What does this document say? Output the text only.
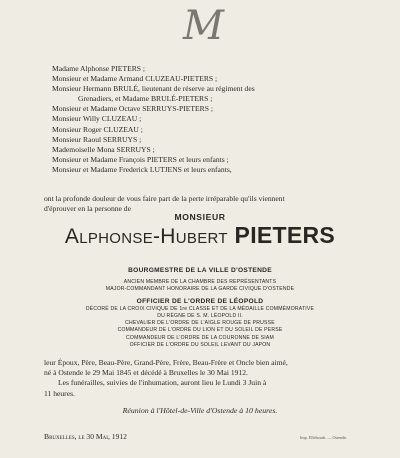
M
Madame Alphonse PIETERS ;
Monsieur et Madame Armand CLUZEAU-PIETERS ;
Monsieur Hermann BRULÉ, lieutenant de réserve au régiment des
Grenadiers, et Madame BRULÉ-PIETERS ;
Monsieur et Madame Octave SERRUYS-PIETERS ;
Monsieur Willy CLUZEAU ;
Monsieur Roger CLUZEAU ;
Monsieur Raoul SERRUYS ;
Mademoiselle Mona SERRUYS ;
Monsieur et Madame François PIETERS et leurs enfants ;
Monsieur et Madame Frederick LUTJENS et leurs enfants,
ont la profonde douleur de vous faire part de la perte irréparable qu'ils viennent
d'éprouver en la personne de
MONSIEUR
Alphonse-Hubert PIETERS
BOURGMESTRE DE LA VILLE D'OSTENDE
ANCIEN MEMBRE DE LA CHAMBRE DES REPRÉSENTANTS
MAJOR-COMMANDANT HONORAIRE DE LA GARDE CIVIQUE D'OSTENDE
OFFICIER DE L'ORDRE DE LÉOPOLD
DÉCORÉ DE LA CROIX CIVIQUE DE 1re CLASSE ET DE LA MÉDAILLE COMMÉMORATIVE
DU RÈGNE DE S. M. LÉOPOLD II.
CHEVALIER DE L'ORDRE DE L'AIGLE ROUGE DE PRUSSE
COMMANDEUR DE L'ORDRE DU LION ET DU SOLEIL DE PERSE
COMMANDEUR DE L'ORDRE DE LA COURONNE DE SIAM
OFFICIER DE L'ORDRE DU SOLEIL LEVANT DU JAPON
leur Époux, Père, Beau-Père, Grand-Père, Frère, Beau-Frère et Oncle bien aimé,
né à Ostende le 29 Mai 1845 et décédé à Bruxelles le 30 Mai 1912.
Les funérailles, suivies de l'inhumation, auront lieu le Lundi 3 Juin à
11 heures.
Réunion à l'Hôtel-de-Ville d'Ostende à 10 heures.
Bruxelles, le 30 Mai, 1912	Imp. Elleboudt. — Ostende.
